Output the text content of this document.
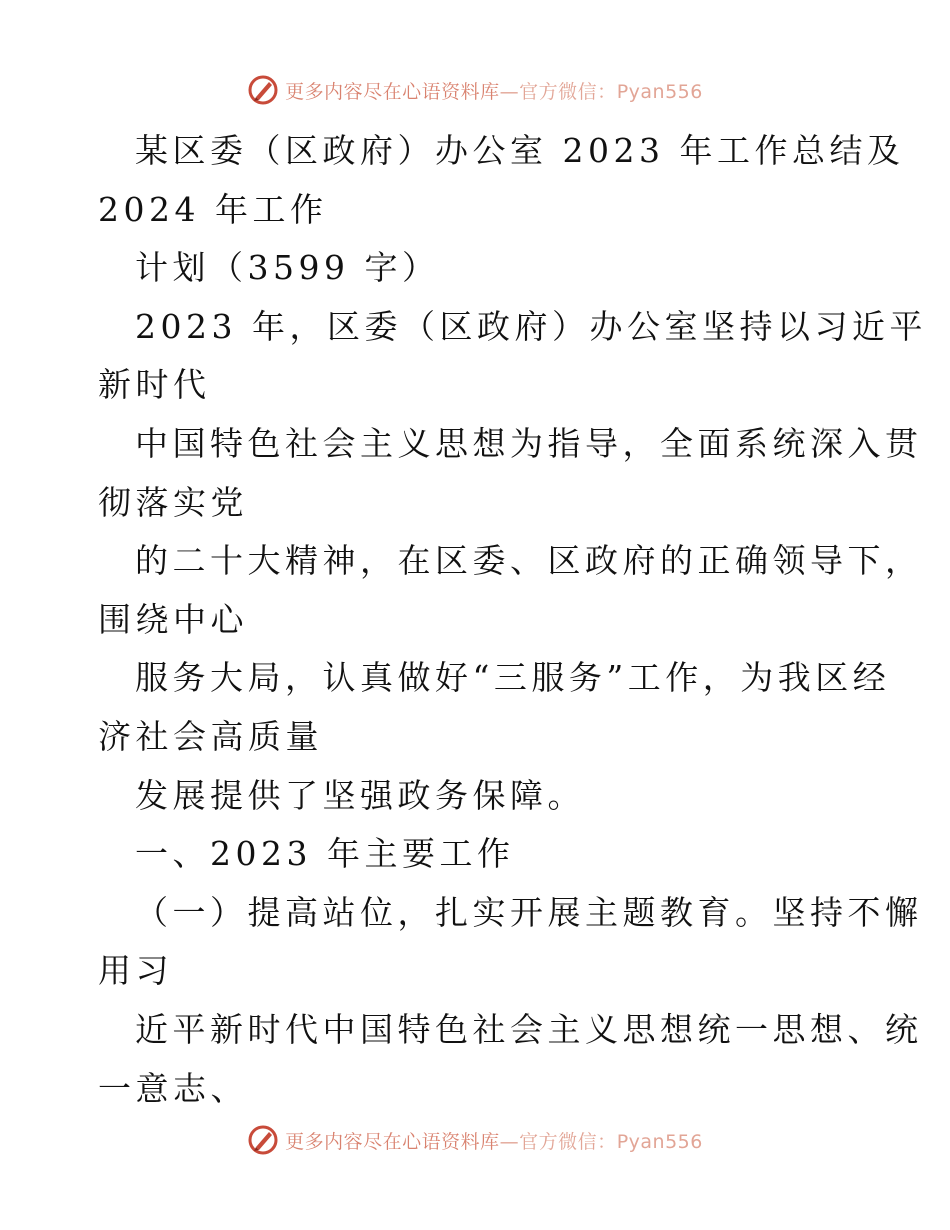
更多内容尽在心语资料库—官方微信：Pyan556
某区委（区政府）办公室 2023 年工作总结及
2024 年工作
计划（3599 字）
2023 年，区委（区政府）办公室坚持以习近平
新时代
中国特色社会主义思想为指导，全面系统深入贯
彻落实党
的二十大精神，在区委、区政府的正确领导下，
围绕中心
服务大局，认真做好“三服务”工作，为我区经
济社会高质量
发展提供了坚强政务保障。
一、2023 年主要工作
（一）提高站位，扎实开展主题教育。坚持不懈
用习
近平新时代中国特色社会主义思想统一思想、统
一意志、
更多内容尽在心语资料库—官方微信：Pyan556
